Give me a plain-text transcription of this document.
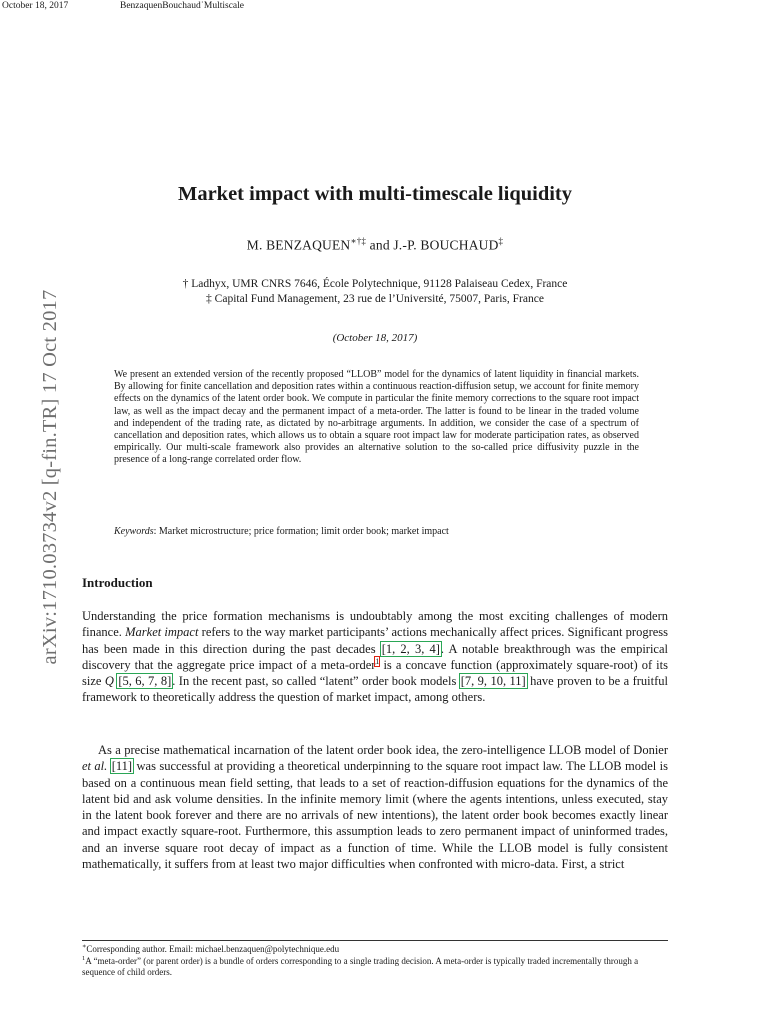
October 18, 2017	BenzaquenBouchaud˙Multiscale
arXiv:1710.03734v2 [q-fin.TR] 17 Oct 2017
Market impact with multi-timescale liquidity
M. BENZAQUEN∗†‡ and J.-P. BOUCHAUD‡
† Ladhyx, UMR CNRS 7646, École Polytechnique, 91128 Palaiseau Cedex, France
‡ Capital Fund Management, 23 rue de l’Université, 75007, Paris, France
(October 18, 2017)

We present an extended version of the recently proposed “LLOB” model for the dynamics of latent liquidity in financial markets. By allowing for finite cancellation and deposition rates within a continuous reaction-diffusion setup, we account for finite memory effects on the dynamics of the latent order book. We compute in particular the finite memory corrections to the square root impact law, as well as the impact decay and the permanent impact of a meta-order. The latter is found to be linear in the traded volume and independent of the trading rate, as dictated by no-arbitrage arguments. In addition, we consider the case of a spectrum of cancellation and deposition rates, which allows us to obtain a square root impact law for moderate participation rates, as observed empirically. Our multi-scale framework also provides an alternative solution to the so-called price diffusivity puzzle in the presence of a long-range correlated order flow.

Keywords: Market microstructure; price formation; limit order book; market impact

Introduction

Understanding the price formation mechanisms is undoubtably among the most exciting challenges of modern finance. Market impact refers to the way market participants’ actions mechanically affect prices. Significant progress has been made in this direction during the past decades [1, 2, 3, 4]. A notable breakthrough was the empirical discovery that the aggregate price impact of a meta-order$^1$ is a concave function (approximately square-root) of its size Q [5, 6, 7, 8]. In the recent past, so called “latent” order book models [7, 9, 10, 11] have proven to be a fruitful framework to theoretically address the question of market impact, among others.

As a precise mathematical incarnation of the latent order book idea, the zero-intelligence LLOB model of Donier et al. [11] was successful at providing a theoretical underpinning to the square root impact law. The LLOB model is based on a continuous mean field setting, that leads to a set of reaction-diffusion equations for the dynamics of the latent bid and ask volume densities. In the infinite memory limit (where the agents intentions, unless executed, stay in the latent book forever and there are no arrivals of new intentions), the latent order book becomes exactly linear and impact exactly square-root. Furthermore, this assumption leads to zero permanent impact of uninformed trades, and an inverse square root decay of impact as a function of time. While the LLOB model is fully consistent mathematically, it suffers from at least two major difficulties when confronted with micro-data. First, a strict

∗Corresponding author. Email: michael.benzaquen@polytechnique.edu

$^1$A “meta-order” (or parent order) is a bundle of orders corresponding to a single trading decision. A meta-order is typically traded incrementally through a sequence of child orders.
